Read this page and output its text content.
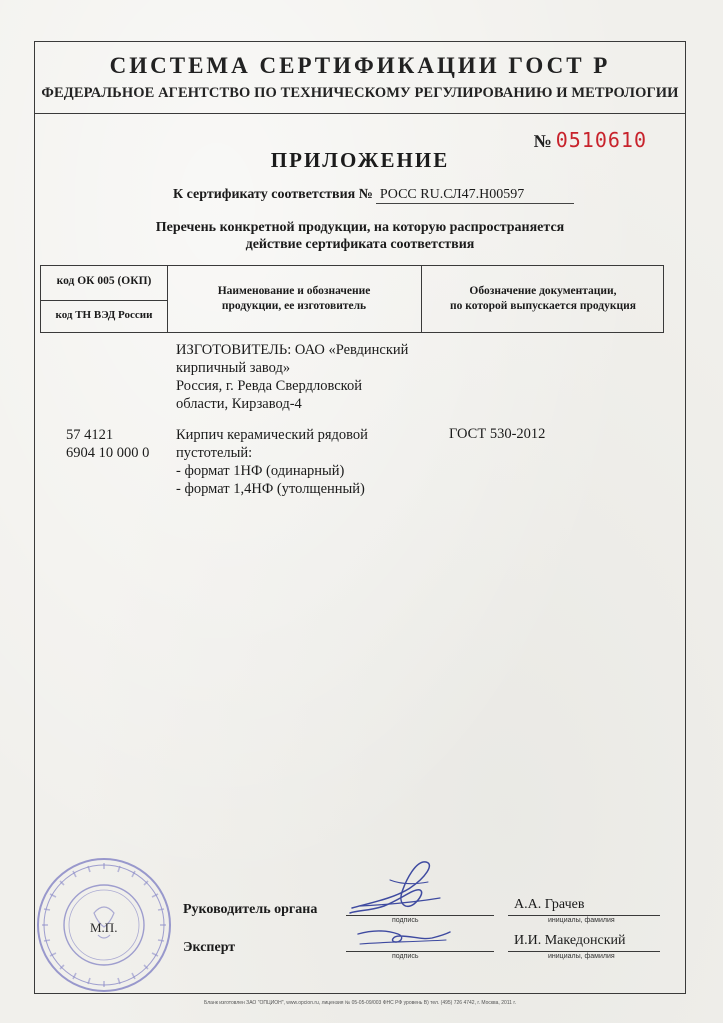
СИСТЕМА СЕРТИФИКАЦИИ ГОСТ Р
ФЕДЕРАЛЬНОЕ АГЕНТСТВО ПО ТЕХНИЧЕСКОМУ РЕГУЛИРОВАНИЮ И МЕТРОЛОГИИ
№ 0510610
ПРИЛОЖЕНИЕ
К сертификату соответствия № РОСС RU.СЛ47.Н00597
Перечень конкретной продукции, на которую распространяется
действие сертификата соответствия
код ОК 005 (ОКП)
код ТН ВЭД России
Наименование и обозначение
продукции, ее изготовитель
Обозначение документации,
по которой выпускается продукция
ИЗГОТОВИТЕЛЬ: ОАО «Ревдинский
кирпичный завод»
Россия, г. Ревда Свердловской
области, Кирзавод-4
57 4121
6904 10 000 0
Кирпич керамический рядовой
пустотелый:
- формат 1НФ (одинарный)
- формат 1,4НФ (утолщенный)
ГОСТ 530-2012
М.П.
Руководитель органа
подпись
А.А. Грачев
инициалы, фамилия
Эксперт
подпись
И.И. Македонский
инициалы, фамилия
Бланк изготовлен ЗАО "ОПЦИОН", www.opcion.ru, лицензия № 05-05-09/003 ФНС РФ уровень В) тел. (495) 726 4742, г. Москва, 2011 г.
